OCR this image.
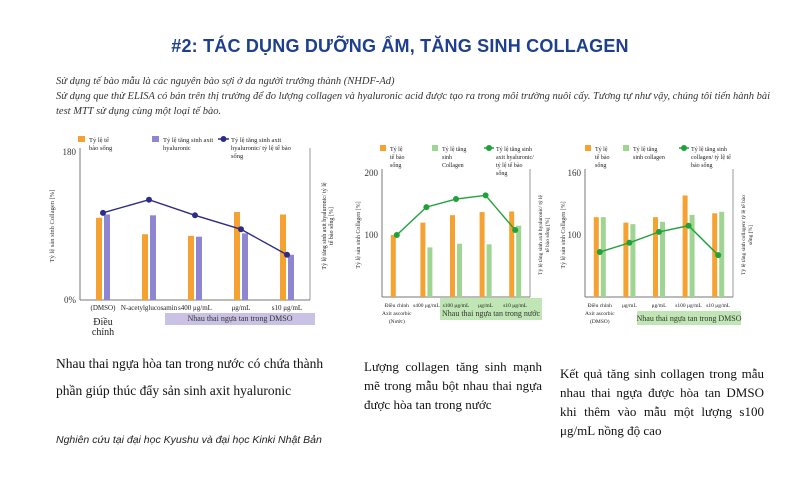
#2: TÁC DỤNG DƯỠNG ẨM, TĂNG SINH COLLAGEN

Sử dụng tế bào mẫu là các nguyên bào sợi ở da người trưởng thành (NHDF-Ad)

Sử dụng que thử ELISA có bán trên thị trường để đo lượng collagen và hyaluronic acid được tạo ra trong môi trường nuôi cấy. Tương tự như vậy, chúng tôi tiến hành bài test MTT sử dụng cùng một loại tế bào.

Tỷ lệ tế bào sống
Tỷ lệ tăng sinh axit hyaluronic
Tỷ lệ tăng sinh axit hyaluronic/ tỷ lệ tế bào sống
0%
180
Tỷ lệ sản sinh Collagen [%]	Tỷ lệ tăng sinh axit hyaluronic/ tỷ lệtế bào sống [%]
Nhau thai ngựa tan trong DMSO
(DMSO) N-acetylglucosamin s400 μg/mL	μg/mL	s10 μg/mL
Điều chỉnh
Tỷ lệ tế bào sống
Tỷ lệ tăng sinh Collagen
Tỷ lệ tăng sinh axit hyaluronic/ tỷ lệ tế bào sống
200
100
Tỷ lệ sản sinh Collagen [%]	Tỷ lệ tăng sinh axit hyaluronic/ tỷ lệtế bào sống [%]
Nhau thai ngựa tan trong nước
Điều chỉnh Axit ascorbic (Nước)
s400 μg/mL s100 μg/mL μg/mL s10 μg/mL
Tỷ lệ tế bào sống
Tỷ lệ tăng sinh collagen
Tỷ lệ tăng sinh collagen/ tỷ lệ tế bào sống
160
100
Tỷ lệ sản sinh Collagen [%]	Tỷ lệ tăng sinh collagen/ tỷ lệ tế bàosống [%]
Nhau thai ngựa tan trong DMSO
Điều chỉnh Axit ascorbic (DMSO)
μg/mL	μg/mL s100 μg/mL s10 μg/mL
Nhau thai ngựa hòa tan trong nước có chứa thành phần giúp thúc đẩy sản sinh axit hyaluronic
Lượng collagen tăng sinh mạnh mẽ trong mẫu bột nhau thai ngựa được hòa tan trong nước
Kết quả tăng sinh collagen trong mẫu nhau thai ngựa được hòa tan DMSO khi thêm vào mẫu một lượng s100 μg/mL nồng độ cao
Nghiên cứu tại đại học Kyushu và đại học Kinki Nhật Bản
